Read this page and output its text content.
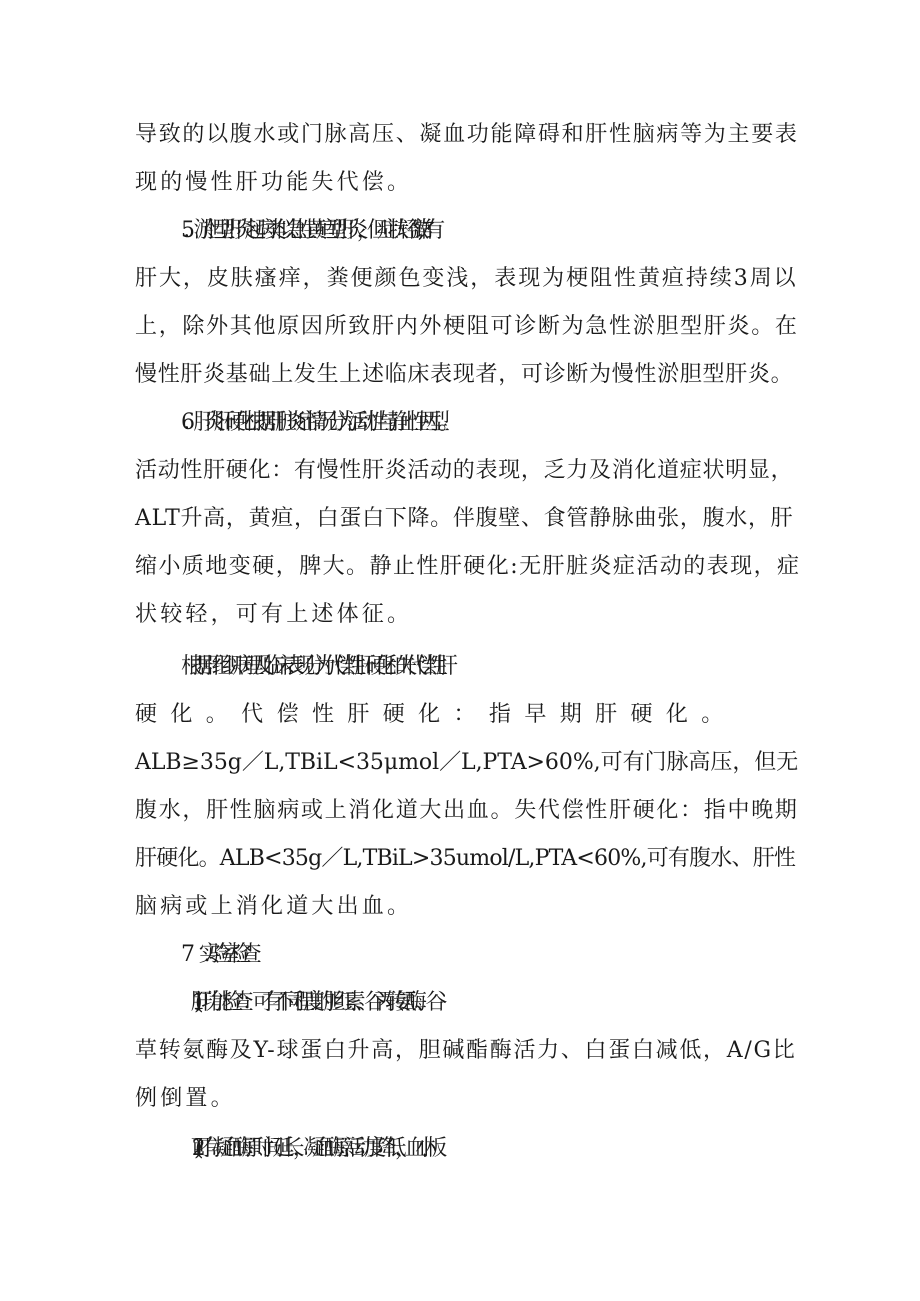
导致的以腹水或门脉高压、凝血功能障碍和肝性脑病等为主要表
现的慢性肝功能失代偿。
5．淤胆型肝炎起病类似急性黄疸型肝炎，但症状轻微,常有
肝大，皮肤瘙痒，粪便颜色变浅，表现为梗阻性黄疸持续3周以
上，除外其他原因所致肝内外梗阻可诊断为急性淤胆型肝炎。在
慢性肝炎基础上发生上述临床表现者，可诊断为慢性淤胆型肝炎。
6．肝炎肝硬化根据肝脏炎症情况分为活动性与静止性两型。
活动性肝硬化：有慢性肝炎活动的表现，乏力及消化道症状明显，
ALT升高，黄疸，白蛋白下降。伴腹壁、食管静脉曲张，腹水，肝
缩小质地变硬，脾大。静止性肝硬化:无肝脏炎症活动的表现，症
状较轻，可有上述体征。
根据肝组织病理及临床表现分为代偿性肝硬化和失代偿性肝
硬 化 。 代 偿 性 肝 硬 化 ： 指 早 期 肝 硬 化 。
ALB≥35g／L,TBiL<35μmol／L,PTA>60%,可有门脉高压，但无
腹水，肝性脑病或上消化道大出血。失代偿性肝硬化：指中晚期
肝硬化。ALB<35g／L,TBiL>35umol/L,PTA<60%,可有腹水、肝性
脑病或上消化道大出血。
7　　.实验室检查
(1)肝功能检查：可有不同程度的胆红素、谷丙转氨酶、谷
草转氨酶及Y-球蛋白升高，胆碱酯酶活力、白蛋白减低，A/G比
例倒置。
(2)可有凝血酶原时间延长，凝血酶原活动度降低，血小板
